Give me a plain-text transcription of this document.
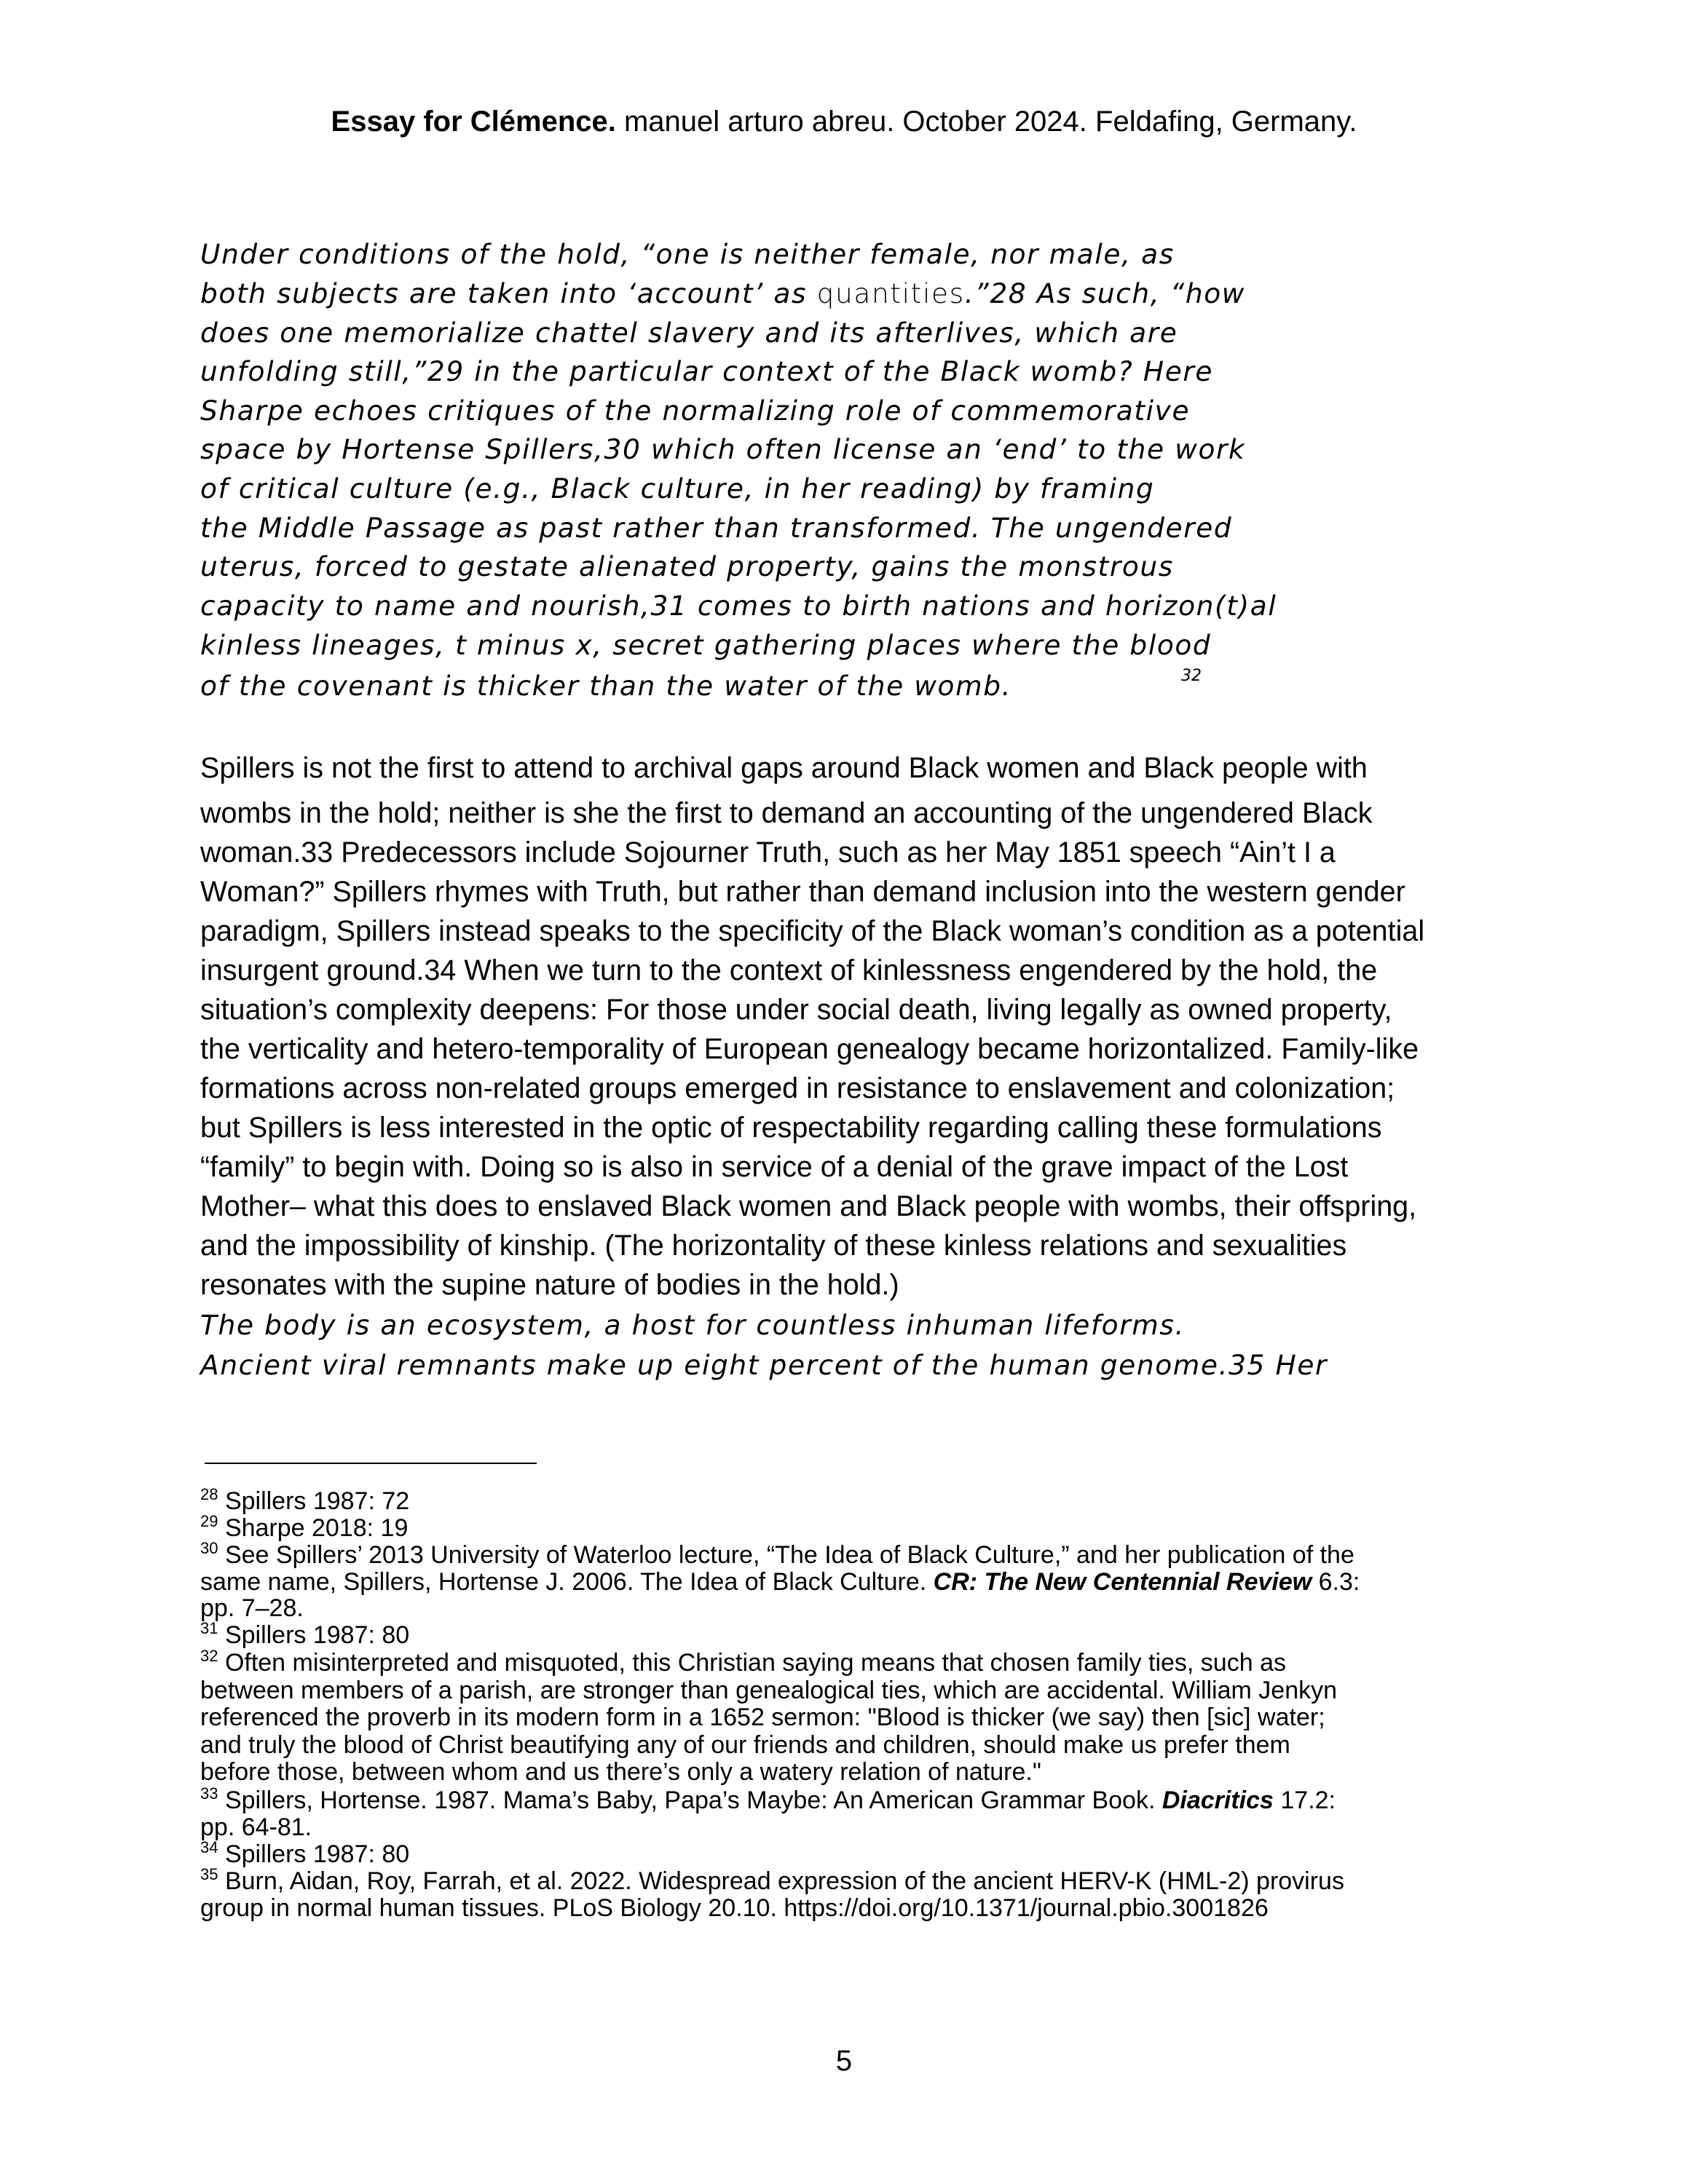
Essay for Clémence. manuel arturo abreu. October 2024. Feldafing, Germany.
Under conditions of the hold, “one is neither female, nor male, as
both subjects are taken into ‘account’ as quantities.”28 As such, “how
does one memorialize chattel slavery and its afterlives, which are
unfolding still,”29 in the particular context of the Black womb? Here
Sharpe echoes critiques of the normalizing role of commemorative
space by Hortense Spillers,30 which often license an ‘end’ to the work
of critical culture (e.g., Black culture, in her reading) by framing
the Middle Passage as past rather than transformed. The ungendered
uterus, forced to gestate alienated property, gains the monstrous
capacity to name and nourish,31 comes to birth nations and horizon(t)al
kinless lineages, t minus x, secret gathering places where the blood
of the covenant is thicker than the water of the womb.	32
Spillers is not the first to attend to archival gaps around Black women and Black people with
wombs in the hold; neither is she the first to demand an accounting of the ungendered Black
woman.33 Predecessors include Sojourner Truth, such as her May 1851 speech “Ain’t I a
Woman?” Spillers rhymes with Truth, but rather than demand inclusion into the western gender
paradigm, Spillers instead speaks to the specificity of the Black woman’s condition as a potential
insurgent ground.34 When we turn to the context of kinlessness engendered by the hold, the
situation’s complexity deepens: For those under social death, living legally as owned property,
the verticality and hetero-temporality of European genealogy became horizontalized. Family-like
formations across non-related groups emerged in resistance to enslavement and colonization;
but Spillers is less interested in the optic of respectability regarding calling these formulations
“family” to begin with. Doing so is also in service of a denial of the grave impact of the Lost
Mother– what this does to enslaved Black women and Black people with wombs, their offspring,
and the impossibility of kinship. (The horizontality of these kinless relations and sexualities
resonates with the supine nature of bodies in the hold.)
The body is an ecosystem, a host for countless inhuman lifeforms.
Ancient viral remnants make up eight percent of the human genome.35 Her
$^{28}$ Spillers 1987: 72
$^{29}$ Sharpe 2018: 19
$^{30}$ See Spillers’ 2013 University of Waterloo lecture, “The Idea of Black Culture,” and her publication of the
same name, Spillers, Hortense J. 2006. The Idea of Black Culture. CR: The New Centennial Review 6.3:
pp. 7–28.
$^{31}$ Spillers 1987: 80
$^{32}$ Often misinterpreted and misquoted, this Christian saying means that chosen family ties, such as
between members of a parish, are stronger than genealogical ties, which are accidental. William Jenkyn
referenced the proverb in its modern form in a 1652 sermon: "Blood is thicker (we say) then [sic] water;
and truly the blood of Christ beautifying any of our friends and children, should make us prefer them
before those, between whom and us there’s only a watery relation of nature."
$^{33}$ Spillers, Hortense. 1987. Mama’s Baby, Papa’s Maybe: An American Grammar Book. Diacritics 17.2:
pp. 64-81.
$^{34}$ Spillers 1987: 80
$^{35}$ Burn, Aidan, Roy, Farrah, et al. 2022. Widespread expression of the ancient HERV-K (HML-2) provirus
group in normal human tissues. PLoS Biology 20.10. https://doi.org/10.1371/journal.pbio.3001826
5
